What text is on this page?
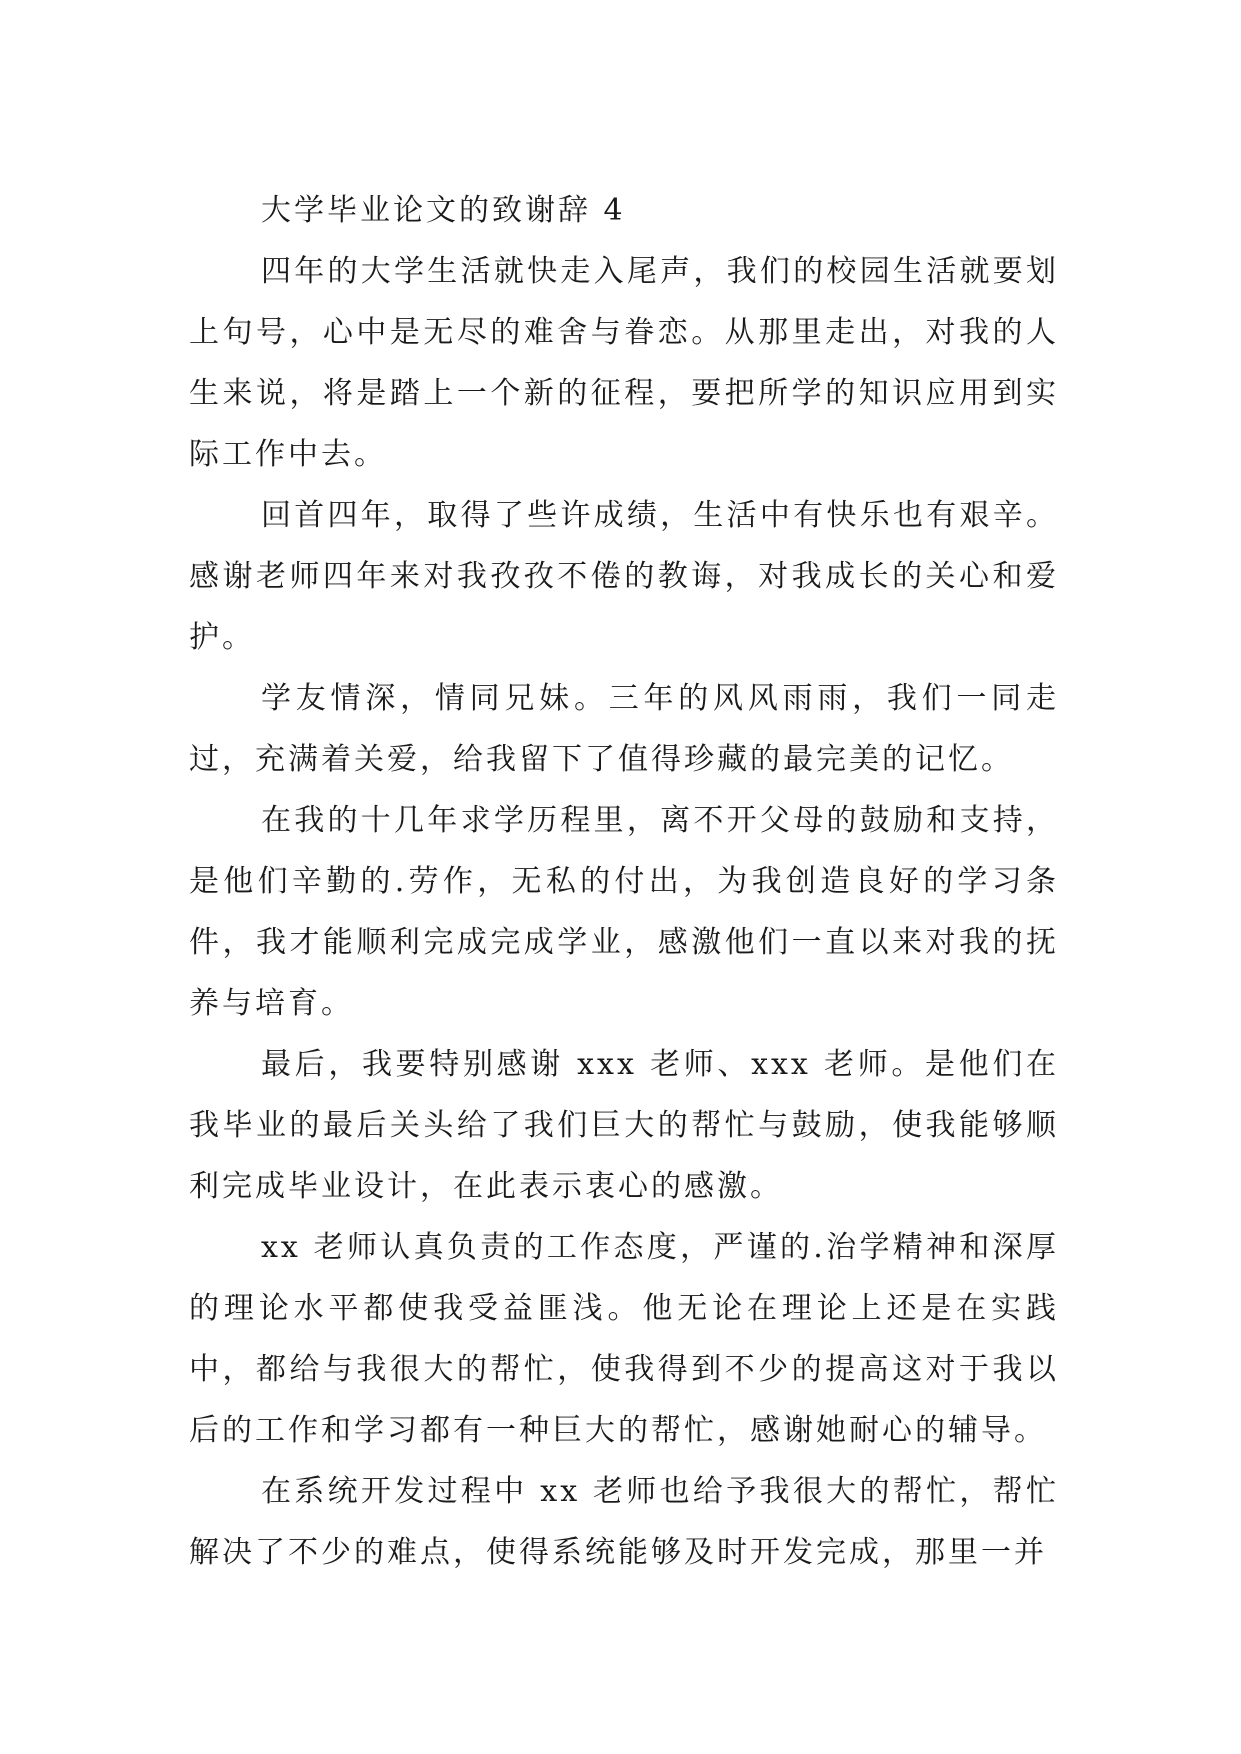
大学毕业论文的致谢辞 4

四年的大学生活就快走入尾声，我们的校园生活就要划上句号，心中是无尽的难舍与眷恋。从那里走出，对我的人生来说，将是踏上一个新的征程，要把所学的知识应用到实际工作中去。

回首四年，取得了些许成绩，生活中有快乐也有艰辛。感谢老师四年来对我孜孜不倦的教诲，对我成长的关心和爱护。

学友情深，情同兄妹。三年的风风雨雨，我们一同走过，充满着关爱，给我留下了值得珍藏的最完美的记忆。

在我的十几年求学历程里，离不开父母的鼓励和支持，是他们辛勤的.劳作，无私的付出，为我创造良好的学习条件，我才能顺利完成完成学业，感激他们一直以来对我的抚养与培育。

最后，我要特别感谢 xxx 老师、xxx 老师。是他们在我毕业的最后关头给了我们巨大的帮忙与鼓励，使我能够顺利完成毕业设计，在此表示衷心的感激。

xx 老师认真负责的工作态度，严谨的.治学精神和深厚的理论水平都使我受益匪浅。他无论在理论上还是在实践中，都给与我很大的帮忙，使我得到不少的提高这对于我以后的工作和学习都有一种巨大的帮忙，感谢她耐心的辅导。

在系统开发过程中 xx 老师也给予我很大的帮忙，帮忙解决了不少的难点，使得系统能够及时开发完成，那里一并
